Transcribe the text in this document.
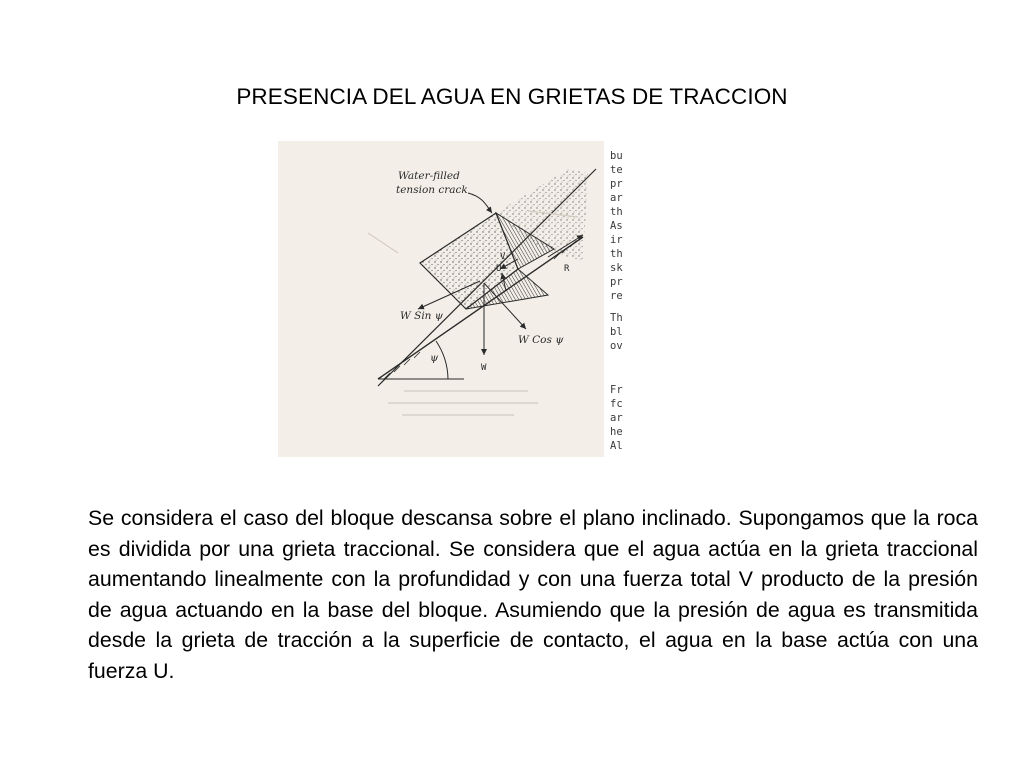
PRESENCIA DEL AGUA EN GRIETAS DE TRACCION
Water-filled
tension crack
V
U	R
W Sin ψ
W Cos ψ
W
ψ
bu
te
pr
ar
th
As
ir
th
sk
pr
re
Th
bl
ov
Fr
fc
ar
he
Al

Se considera el caso del bloque descansa sobre el plano inclinado. Supongamos que la roca es dividida por una grieta traccional. Se considera que el agua actúa en la grieta traccional aumentando linealmente con la profundidad y con una fuerza total V producto de la presión de agua actuando en la base del bloque. Asumiendo que la presión de agua es transmitida desde la grieta de tracción a la superficie de contacto, el agua en la base actúa con una fuerza U.
